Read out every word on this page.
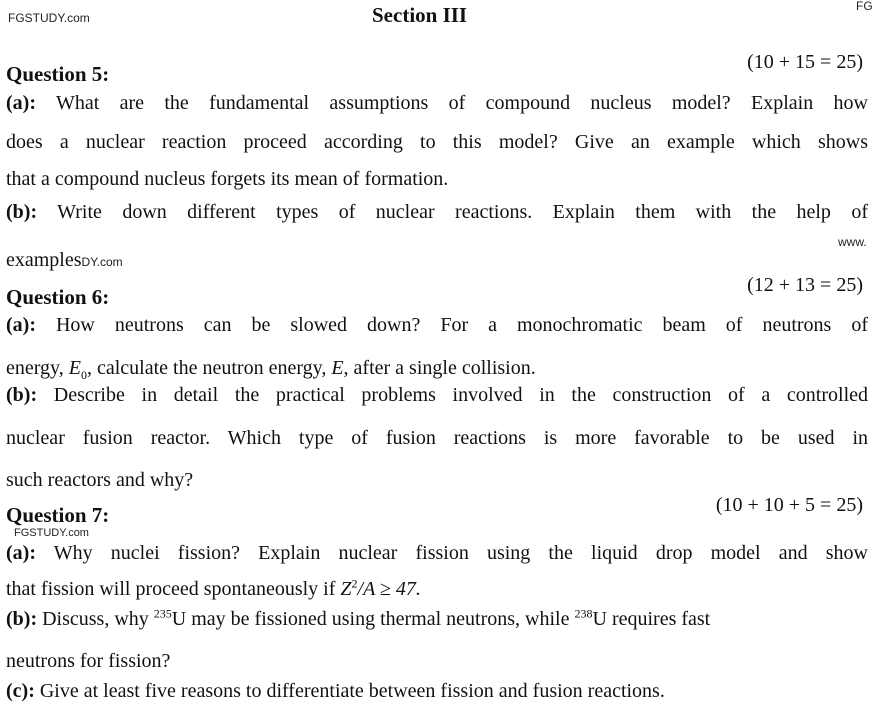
FGSTUDY.com
FG
www.
Section III
Question 5:	(10 + 15 = 25)
(a): What are the fundamental assumptions of compound nucleus model? Explain how
does a nuclear reaction proceed according to this model? Give an example which shows
that a compound nucleus forgets its mean of formation.
(b): Write down different types of nuclear reactions. Explain them with the help of
examplesDY.com
Question 6:	(12 + 13 = 25)
(a): How neutrons can be slowed down? For a monochromatic beam of neutrons of
energy, $E_0$, calculate the neutron energy, E, after a single collision.
(b): Describe in detail the practical problems involved in the construction of a controlled
nuclear fusion reactor. Which type of fusion reactions is more favorable to be used in
such reactors and why?
Question 7:
FGSTUDY.com
(10 + 10 + 5 = 25)
(a): Why nuclei fission? Explain nuclear fission using the liquid drop model and show
that fission will proceed spontaneously if $Z^2/A \ge 47$.
(b): Discuss, why $^{235}$U may be fissioned using thermal neutrons, while $^{238}$U requires fast
neutrons for fission?
(c): Give at least five reasons to differentiate between fission and fusion reactions.
